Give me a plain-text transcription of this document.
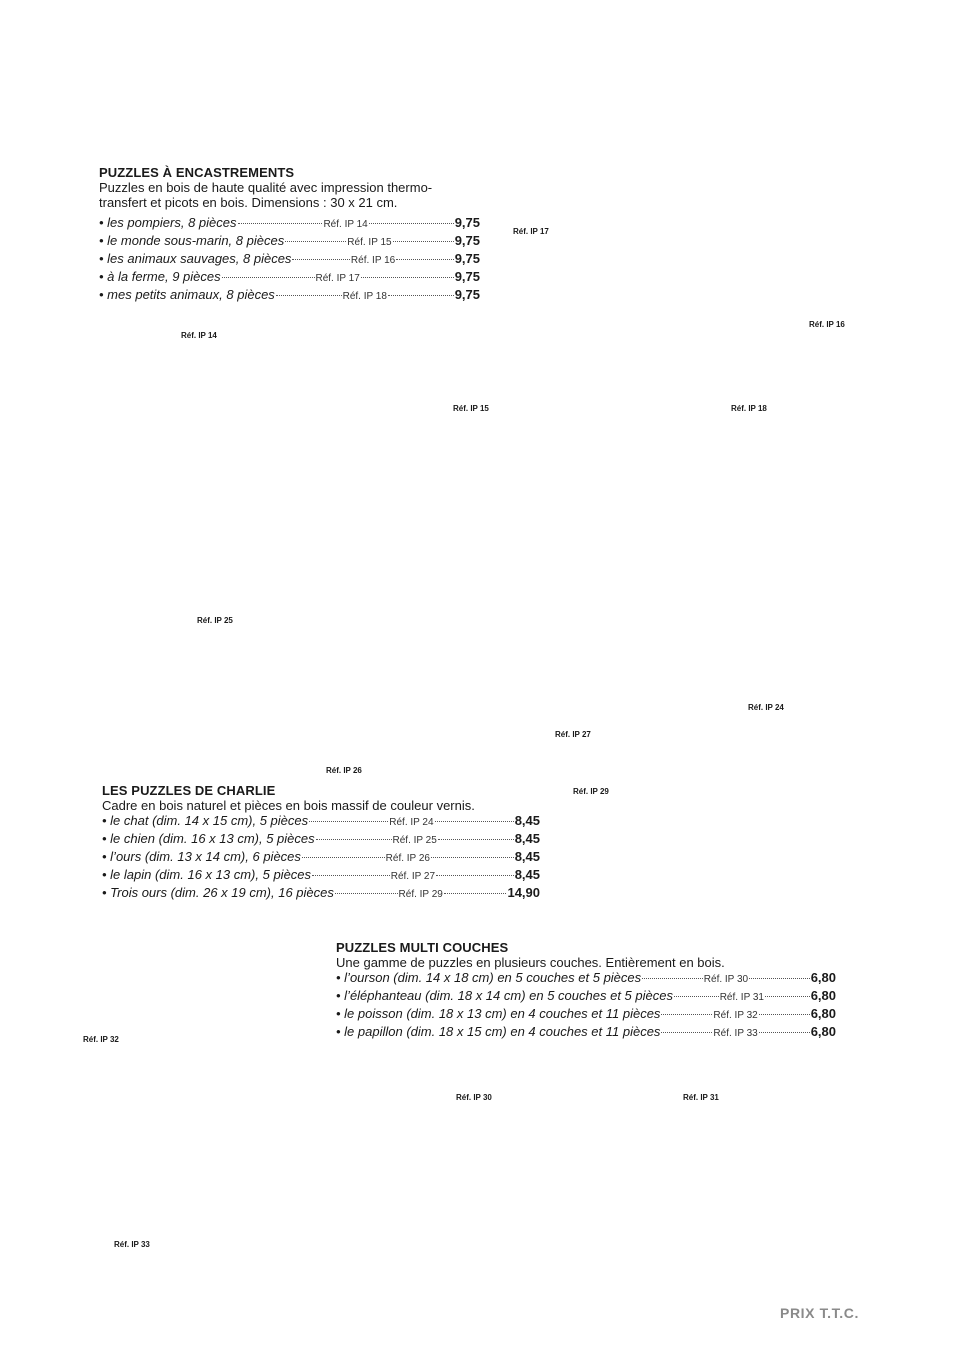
PUZZLES À ENCASTREMENTS
Puzzles en bois de haute qualité avec impression thermo-
transfert et picots en bois. Dimensions : 30 x 21 cm.
• les pompiers, 8 pièces	Réf. IP 14	9,75
• le monde sous-marin, 8 pièces	Réf. IP 15	9,75
• les animaux sauvages, 8 pièces	Réf. IP 16	9,75
• à la ferme, 9 pièces	Réf. IP 17	9,75
• mes petits animaux, 8 pièces	Réf. IP 18	9,75
LES PUZZLES DE CHARLIE
Cadre en bois naturel et pièces en bois massif de couleur vernis.
• le chat (dim. 14 x 15 cm), 5 pièces	Réf. IP 24	8,45
• le chien (dim. 16 x 13 cm), 5 pièces	Réf. IP 25	8,45
• l’ours (dim. 13 x 14 cm), 6 pièces	Réf. IP 26	8,45
• le lapin (dim. 16 x 13 cm), 5 pièces	Réf. IP 27	8,45
• Trois ours (dim. 26 x 19 cm), 16 pièces	Réf. IP 29	14,90
PUZZLES MULTI COUCHES
Une gamme de puzzles en plusieurs couches. Entièrement en bois.
• l’ourson (dim. 14 x 18 cm) en 5 couches et 5 pièces	Réf. IP 30	6,80
• l’éléphanteau (dim. 18 x 14 cm) en 5 couches et 5 pièces	Réf. IP 31	6,80
• le poisson (dim. 18 x 13 cm) en 4 couches et 11 pièces	Réf. IP 32	6,80
• le papillon (dim. 18 x 15 cm) en 4 couches et 11 pièces	Réf. IP 33	6,80
Réf. IP 17
Réf. IP 16
Réf. IP 14
Réf. IP 15	Réf. IP 18
Réf. IP 25
Réf. IP 24
Réf. IP 27
Réf. IP 26
Réf. IP 29
Réf. IP 32
Réf. IP 30	Réf. IP 31
Réf. IP 33
PRIX T.T.C.
